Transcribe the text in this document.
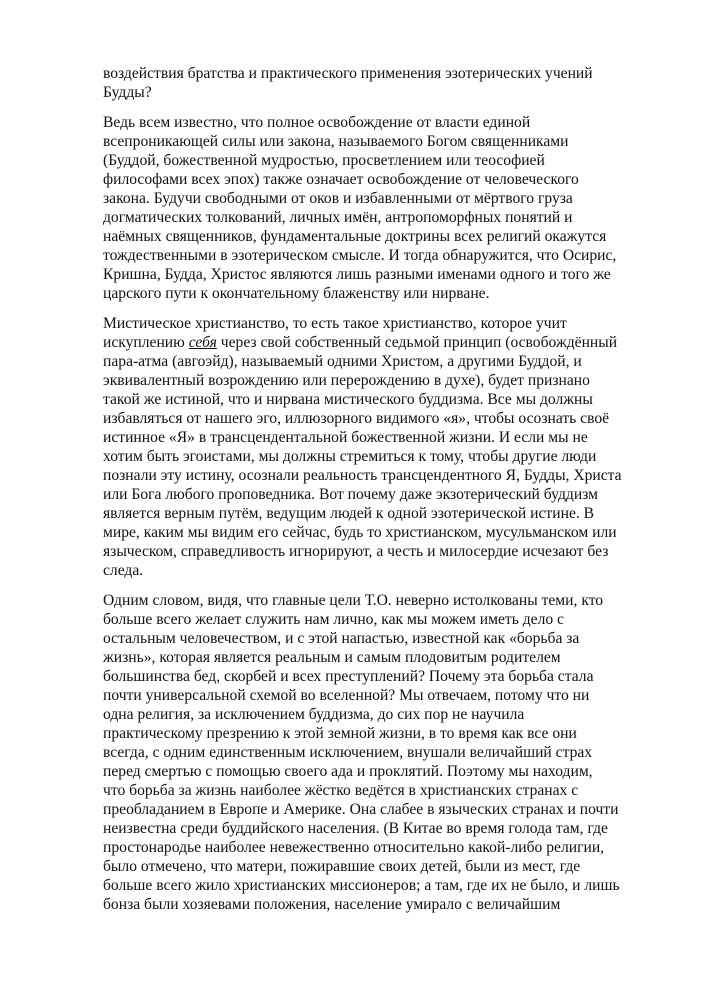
воздействия братства и практического применения эзотерических учений
Будды?

Ведь всем известно, что полное освобождение от власти единой
всепроникающей силы или закона, называемого Богом священниками
(Буддой, божественной мудростью, просветлением или теософией
философами всех эпох) также означает освобождение от человеческого
закона. Будучи свободными от оков и избавленными от мёртвого груза
догматических толкований, личных имён, антропоморфных понятий и
наёмных священников, фундаментальные доктрины всех религий окажутся
тождественными в эзотерическом смысле. И тогда обнаружится, что Осирис,
Кришна, Будда, Христос являются лишь разными именами одного и того же
царского пути к окончательному блаженству или нирване.

Мистическое христианство, то есть такое христианство, которое учит
искуплению себя через свой собственный седьмой принцип (освобождённый
пара-атма (авгоэйд), называемый одними Христом, а другими Буддой, и
эквивалентный возрождению или перерождению в духе), будет признано
такой же истиной, что и нирвана мистического буддизма. Все мы должны
избавляться от нашего эго, иллюзорного видимого «я», чтобы осознать своё
истинное «Я» в трансцендентальной божественной жизни. И если мы не
хотим быть эгоистами, мы должны стремиться к тому, чтобы другие люди
познали эту истину, осознали реальность трансцендентного Я, Будды, Христа
или Бога любого проповедника. Вот почему даже экзотерический буддизм
является верным путём, ведущим людей к одной эзотерической истине. В
мире, каким мы видим его сейчас, будь то христианском, мусульманском или
языческом, справедливость игнорируют, а честь и милосердие исчезают без
следа.

Одним словом, видя, что главные цели Т.О. неверно истолкованы теми, кто
больше всего желает служить нам лично, как мы можем иметь дело с
остальным человечеством, и с этой напастью, известной как «борьба за
жизнь», которая является реальным и самым плодовитым родителем
большинства бед, скорбей и всех преступлений? Почему эта борьба стала
почти универсальной схемой во вселенной? Мы отвечаем, потому что ни
одна религия, за исключением буддизма, до сих пор не научила
практическому презрению к этой земной жизни, в то время как все они
всегда, с одним единственным исключением, внушали величайший страх
перед смертью с помощью своего ада и проклятий. Поэтому мы находим,
что борьба за жизнь наиболее жёстко ведётся в христианских странах с
преобладанием в Европе и Америке. Она слабее в языческих странах и почти
неизвестна среди буддийского населения. (В Китае во время голода там, где
простонародье наиболее невежественно относительно какой-либо религии,
было отмечено, что матери, пожиравшие своих детей, были из мест, где
больше всего жило христианских миссионеров; а там, где их не было, и лишь
бонза были хозяевами положения, население умирало с величайшим
